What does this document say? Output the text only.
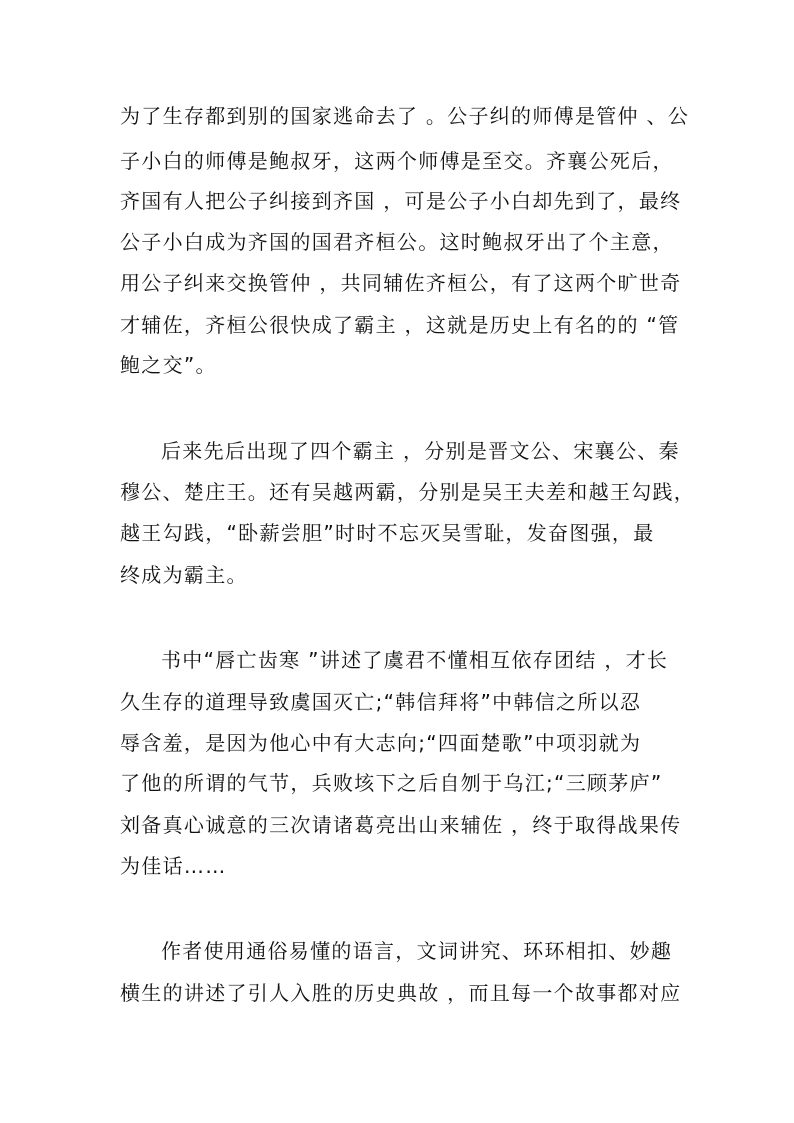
为了生存都到别的国家逃命去了 。公子纠的师傅是管仲 、公
子小白的师傅是鲍叔牙，这两个师傅是至交。齐襄公死后，
齐国有人把公子纠接到齐国 ，可是公子小白却先到了，最终
公子小白成为齐国的国君齐桓公。这时鲍叔牙出了个主意，
用公子纠来交换管仲 ，共同辅佐齐桓公，有了这两个旷世奇
才辅佐，齐桓公很快成了霸主 ，这就是历史上有名的的 “管
鲍之交”。
后来先后出现了四个霸主 ，分别是晋文公、宋襄公、秦
穆公、楚庄王。还有吴越两霸，分别是吴王夫差和越王勾践，
越王勾践，“卧薪尝胆”时时不忘灭吴雪耻，发奋图强，最
终成为霸主。
书中“唇亡齿寒 ”讲述了虞君不懂相互依存团结 ，才长
久生存的道理导致虞国灭亡;“韩信拜将”中韩信之所以忍
辱含羞，是因为他心中有大志向;“四面楚歌”中项羽就为
了他的所谓的气节，兵败垓下之后自刎于乌江;“三顾茅庐”
刘备真心诚意的三次请诸葛亮出山来辅佐 ，终于取得战果传
为佳话……
作者使用通俗易懂的语言，文词讲究、环环相扣、妙趣
横生的讲述了引人入胜的历史典故 ，而且每一个故事都对应
